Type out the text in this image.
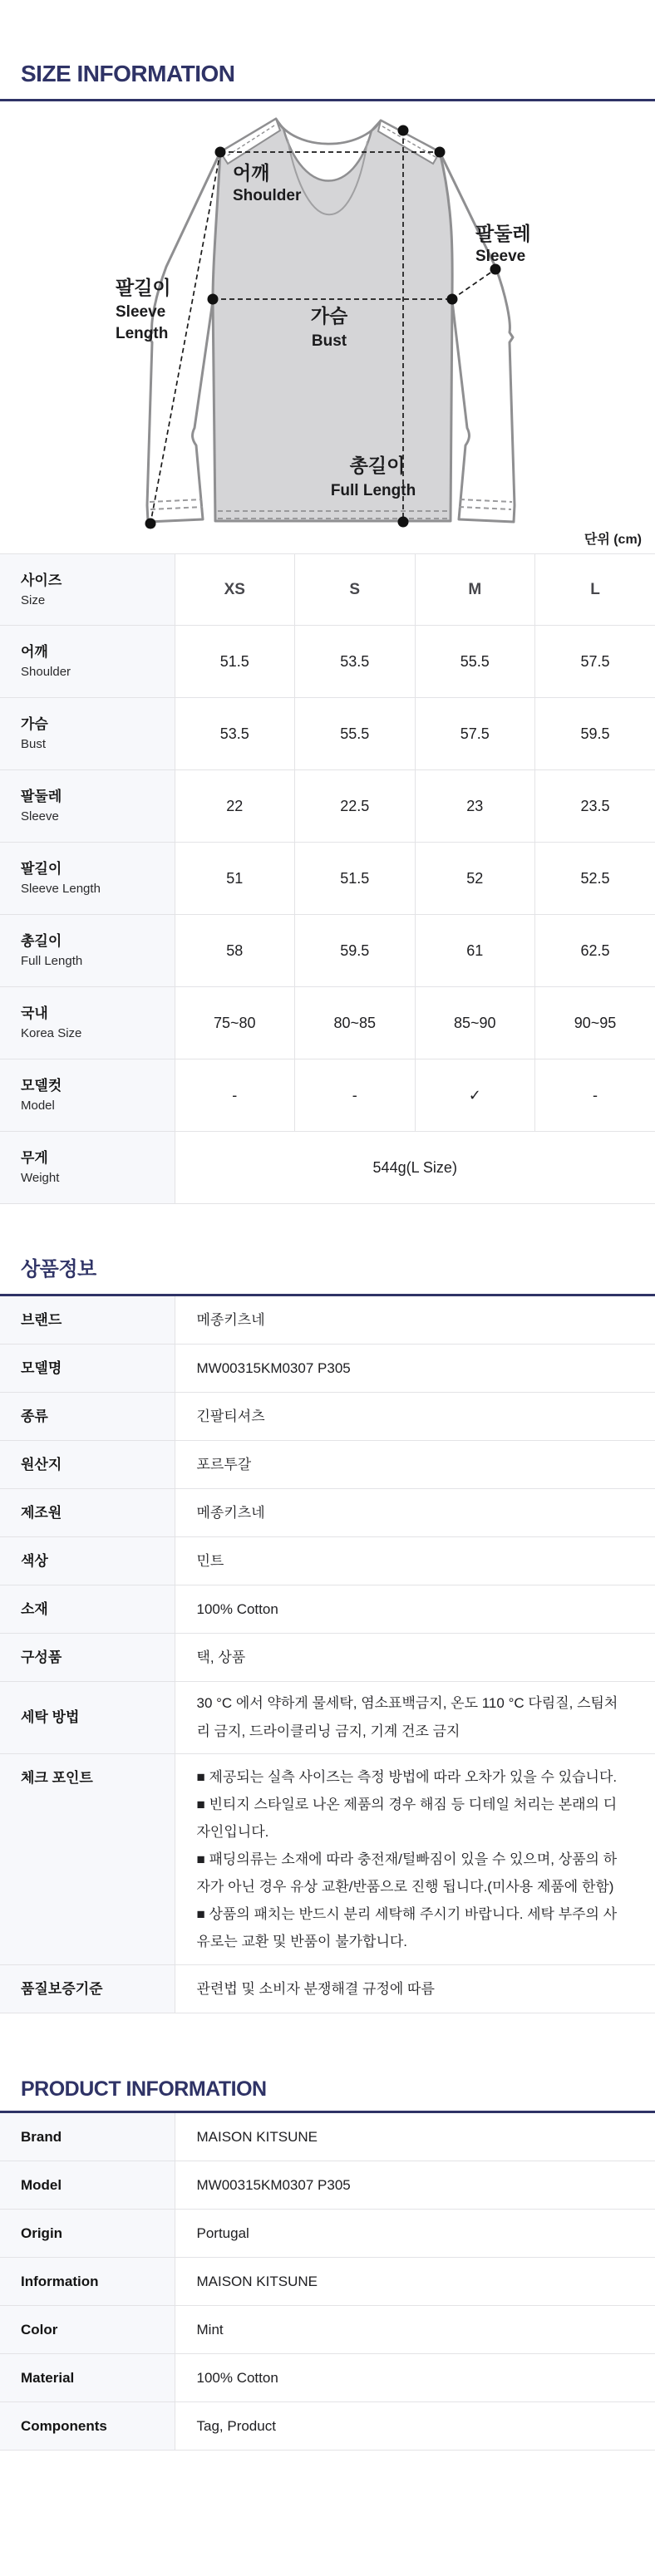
SIZE INFORMATION
어깨
Shoulder
팔둘레
Sleeve
팔길이
Sleeve
Length
가슴
Bust
총길이
Full Length
단위 (cm)
사이즈
Size	XS	S	M	L

어깨
Shoulder	51.5	53.5	55.5	57.5

가슴
Bust	53.5	55.5	57.5	59.5

팔둘레
Sleeve	22	22.5	23	23.5

팔길이
Sleeve Length	51	51.5	52	52.5

총길이
Full Length	58	59.5	61	62.5

국내
Korea Size	75~80	80~85	85~90	90~95

모델컷
Model	-	-	✓	-

무게
Weight	544g(L Size)			
상품정보
브랜드	메종키츠네
모델명	MW00315KM0307 P305
종류	긴팔티셔츠
원산지	포르투갈
제조원	메종키츠네
색상	민트
소재	100% Cotton
구성품	택, 상품
세탁 방법	30 °C 에서 약하게 물세탁, 염소표백금지, 온도 110 °C 다림질, 스팀처리 금지, 드라이클리닝 금지, 기계 건조 금지
체크 포인트	■ 제공되는 실측 사이즈는 측정 방법에 따라 오차가 있을 수 있습니다.
■ 빈티지 스타일로 나온 제품의 경우 해짐 등 디테일 처리는 본래의 디자인입니다.
■ 패딩의류는 소재에 따라 충전재/털빠짐이 있을 수 있으며, 상품의 하자가 아닌 경우 유상 교환/반품으로 진행 됩니다.(미사용 제품에 한함)
■ 상품의 패치는 반드시 분리 세탁해 주시기 바랍니다. 세탁 부주의 사유로는 교환 및 반품이 불가합니다.

품질보증기준	관련법 및 소비자 분쟁해결 규정에 따름
PRODUCT INFORMATION
Brand	MAISON KITSUNE
Model	MW00315KM0307 P305
Origin	Portugal
Information	MAISON KITSUNE
Color	Mint
Material	100% Cotton
Components	Tag, Product
